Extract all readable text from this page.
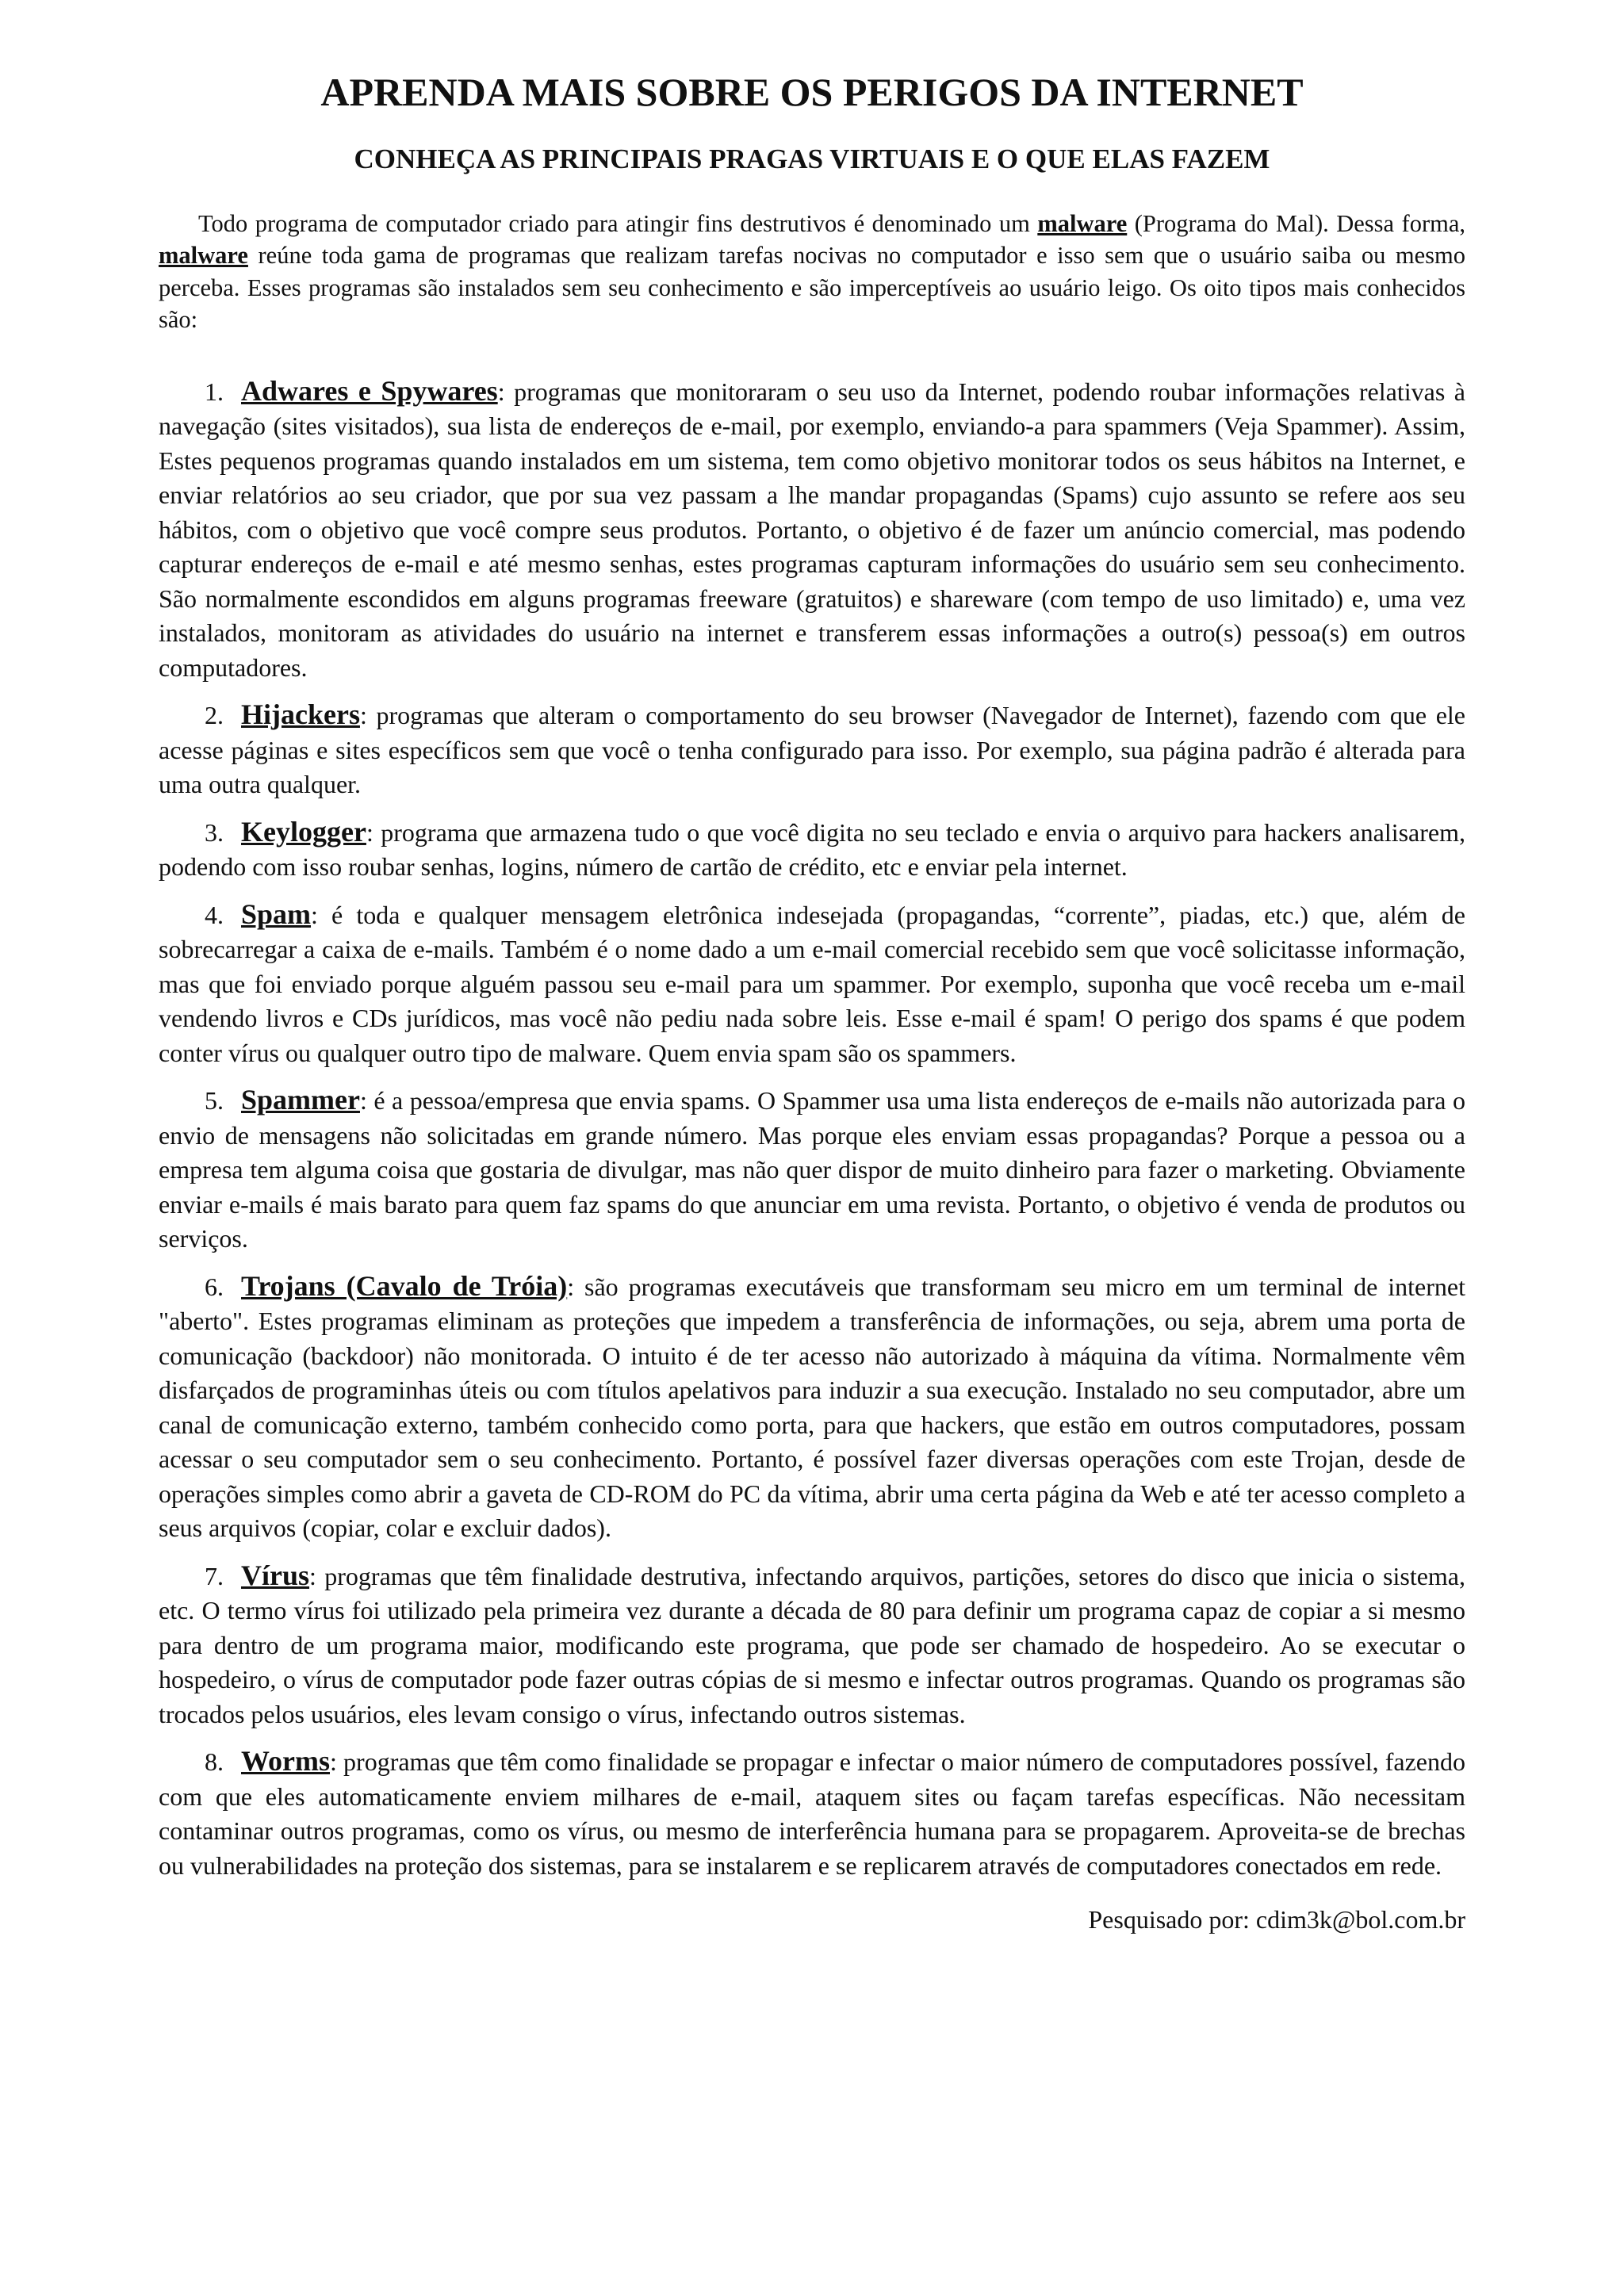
APRENDA MAIS SOBRE OS PERIGOS DA INTERNET
CONHEÇA AS PRINCIPAIS PRAGAS VIRTUAIS E O QUE ELAS FAZEM

Todo programa de computador criado para atingir fins destrutivos é denominado um malware (Programa do Mal). Dessa forma, malware reúne toda gama de programas que realizam tarefas nocivas no computador e isso sem que o usuário saiba ou mesmo perceba. Esses programas são instalados sem seu conhecimento e são imperceptíveis ao usuário leigo. Os oito tipos mais conhecidos são:

1. Adwares e Spywares: programas que monitoraram o seu uso da Internet, podendo roubar informações relativas à navegação (sites visitados), sua lista de endereços de e-mail, por exemplo, enviando-a para spammers (Veja Spammer). Assim, Estes pequenos programas quando instalados em um sistema, tem como objetivo monitorar todos os seus hábitos na Internet, e enviar relatórios ao seu criador, que por sua vez passam a lhe mandar propagandas (Spams) cujo assunto se refere aos seu hábitos, com o objetivo que você compre seus produtos. Portanto, o objetivo é de fazer um anúncio comercial, mas podendo capturar endereços de e-mail e até mesmo senhas, estes programas capturam informações do usuário sem seu conhecimento. São normalmente escondidos em alguns programas freeware (gratuitos) e shareware (com tempo de uso limitado) e, uma vez instalados, monitoram as atividades do usuário na internet e transferem essas informações a outro(s) pessoa(s) em outros computadores.

2. Hijackers: programas que alteram o comportamento do seu browser (Navegador de Internet), fazendo com que ele acesse páginas e sites específicos sem que você o tenha configurado para isso. Por exemplo, sua página padrão é alterada para uma outra qualquer.

3. Keylogger: programa que armazena tudo o que você digita no seu teclado e envia o arquivo para hackers analisarem, podendo com isso roubar senhas, logins, número de cartão de crédito, etc e enviar pela internet.

4. Spam: é toda e qualquer mensagem eletrônica indesejada (propagandas, “corrente”, piadas, etc.) que, além de sobrecarregar a caixa de e-mails. Também é o nome dado a um e-mail comercial recebido sem que você solicitasse informação, mas que foi enviado porque alguém passou seu e-mail para um spammer. Por exemplo, suponha que você receba um e-mail vendendo livros e CDs jurídicos, mas você não pediu nada sobre leis. Esse e-mail é spam! O perigo dos spams é que podem conter vírus ou qualquer outro tipo de malware. Quem envia spam são os spammers.

5. Spammer: é a pessoa/empresa que envia spams. O Spammer usa uma lista endereços de e-mails não autorizada para o envio de mensagens não solicitadas em grande número. Mas porque eles enviam essas propagandas? Porque a pessoa ou a empresa tem alguma coisa que gostaria de divulgar, mas não quer dispor de muito dinheiro para fazer o marketing. Obviamente enviar e-mails é mais barato para quem faz spams do que anunciar em uma revista. Portanto, o objetivo é venda de produtos ou serviços.

6. Trojans (Cavalo de Tróia): são programas executáveis que transformam seu micro em um terminal de internet "aberto". Estes programas eliminam as proteções que impedem a transferência de informações, ou seja, abrem uma porta de comunicação (backdoor) não monitorada. O intuito é de ter acesso não autorizado à máquina da vítima. Normalmente vêm disfarçados de programinhas úteis ou com títulos apelativos para induzir a sua execução. Instalado no seu computador, abre um canal de comunicação externo, também conhecido como porta, para que hackers, que estão em outros computadores, possam acessar o seu computador sem o seu conhecimento. Portanto, é possível fazer diversas operações com este Trojan, desde de operações simples como abrir a gaveta de CD-ROM do PC da vítima, abrir uma certa página da Web e até ter acesso completo a seus arquivos (copiar, colar e excluir dados).

7. Vírus: programas que têm finalidade destrutiva, infectando arquivos, partições, setores do disco que inicia o sistema, etc. O termo vírus foi utilizado pela primeira vez durante a década de 80 para definir um programa capaz de copiar a si mesmo para dentro de um programa maior, modificando este programa, que pode ser chamado de hospedeiro. Ao se executar o hospedeiro, o vírus de computador pode fazer outras cópias de si mesmo e infectar outros programas. Quando os programas são trocados pelos usuários, eles levam consigo o vírus, infectando outros sistemas.

8. Worms: programas que têm como finalidade se propagar e infectar o maior número de computadores possível, fazendo com que eles automaticamente enviem milhares de e-mail, ataquem sites ou façam tarefas específicas. Não necessitam contaminar outros programas, como os vírus, ou mesmo de interferência humana para se propagarem. Aproveita-se de brechas ou vulnerabilidades na proteção dos sistemas, para se instalarem e se replicarem através de computadores conectados em rede.

Pesquisado por: cdim3k@bol.com.br
